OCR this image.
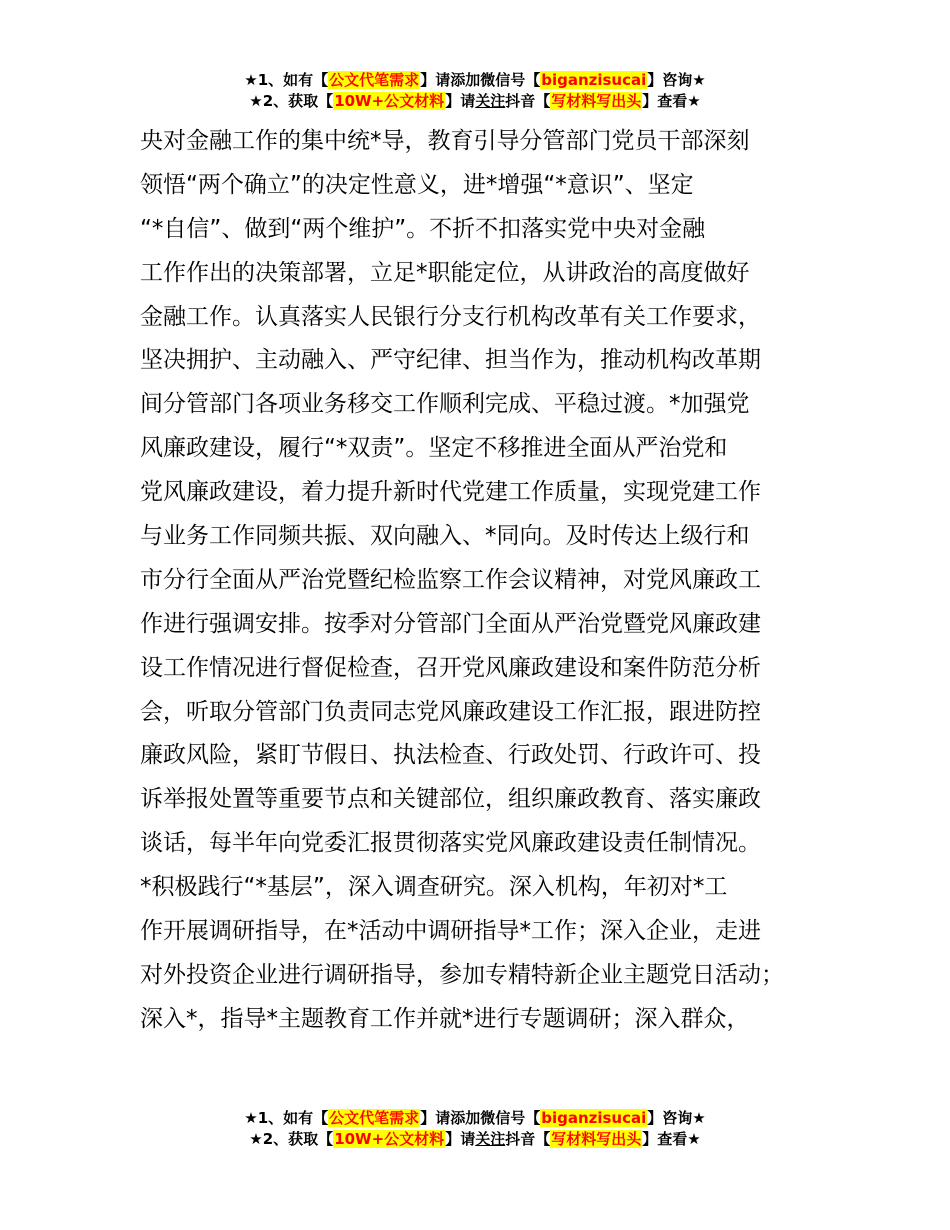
★1、如有【公文代笔需求】请添加微信号【biganzisucai】咨询★
★2、获取【10W+公文材料】请关注抖音【写材料写出头】查看★
央对金融工作的集中统*导，教育引导分管部门党员干部深刻
领悟“两个确立”的决定性意义，进*增强“*意识”、坚定
“*自信”、做到“两个维护”。不折不扣落实党中央对金融
工作作出的决策部署，立足*职能定位，从讲政治的高度做好
金融工作。认真落实人民银行分支行机构改革有关工作要求，
坚决拥护、主动融入、严守纪律、担当作为，推动机构改革期
间分管部门各项业务移交工作顺利完成、平稳过渡。*加强党
风廉政建设，履行“*双责”。坚定不移推进全面从严治党和
党风廉政建设，着力提升新时代党建工作质量，实现党建工作
与业务工作同频共振、双向融入、*同向。及时传达上级行和
市分行全面从严治党暨纪检监察工作会议精神，对党风廉政工
作进行强调安排。按季对分管部门全面从严治党暨党风廉政建
设工作情况进行督促检查，召开党风廉政建设和案件防范分析
会，听取分管部门负责同志党风廉政建设工作汇报，跟进防控
廉政风险，紧盯节假日、执法检查、行政处罚、行政许可、投
诉举报处置等重要节点和关键部位，组织廉政教育、落实廉政
谈话，每半年向党委汇报贯彻落实党风廉政建设责任制情况。
*积极践行“*基层”，深入调查研究。深入机构，年初对*工
作开展调研指导，在*活动中调研指导*工作；深入企业，走进
对外投资企业进行调研指导，参加专精特新企业主题党日活动；
深入*，指导*主题教育工作并就*进行专题调研；深入群众，
★1、如有【公文代笔需求】请添加微信号【biganzisucai】咨询★
★2、获取【10W+公文材料】请关注抖音【写材料写出头】查看★
